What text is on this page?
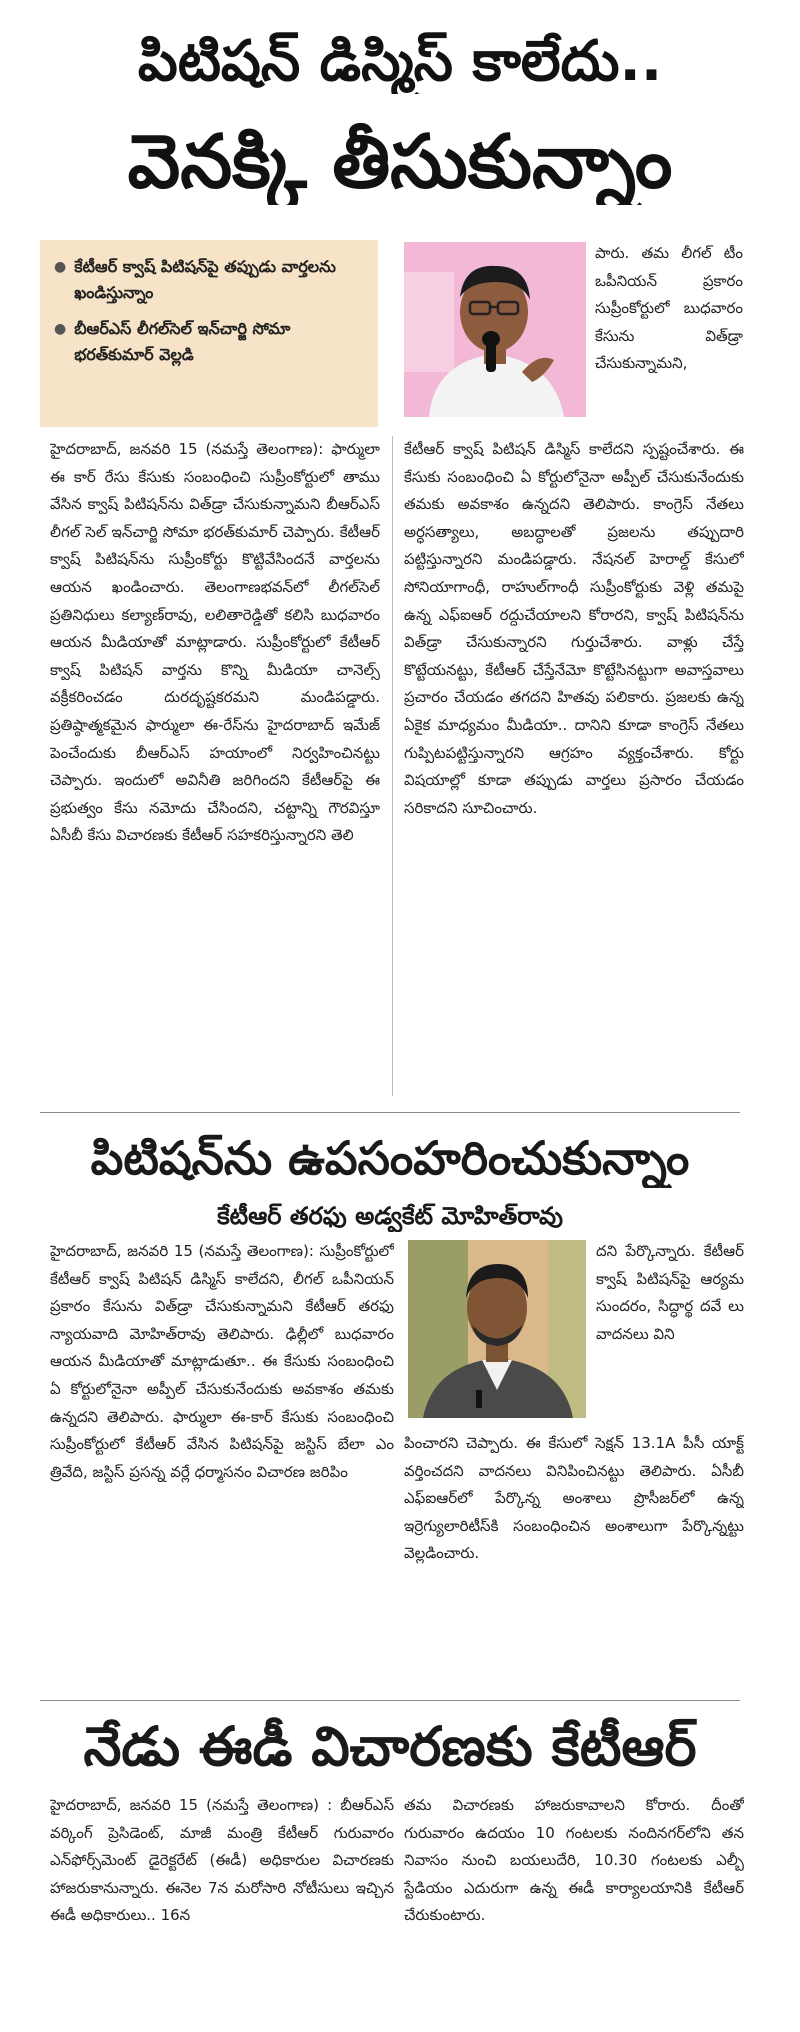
పిటిషన్ డిస్మిస్ కాలేదు..
వెనక్కి తీసుకున్నాం
● కేటీఆర్ క్వాష్ పిటిషన్‌పై తప్పుడు వార్తలను ఖండిస్తున్నాం
● బీఆర్ఎస్ లీగల్‌సెల్ ఇన్‌చార్జి సోమా భరత్‌కుమార్ వెల్లడి

హైదరాబాద్, జనవరి 15 (నమస్తే తెలంగాణ): ఫార్ములా ఈ కార్ రేసు కేసుకు సంబంధించి సుప్రీంకోర్టులో తాము వేసిన క్వాష్ పిటిషన్‌ను విత్‌డ్రా చేసుకున్నామని బీఆర్ఎస్ లీగల్ సెల్ ఇన్‌చార్జి సోమా భరత్‌కుమార్ చెప్పారు. కేటీఆర్ క్వాష్ పిటిషన్‌ను సుప్రీంకోర్టు కొట్టివేసిందనే వార్తలను ఆయన ఖండించారు. తెలంగాణభవన్‌లో లీగల్‌సెల్ ప్రతినిధులు కల్యాణ్‌రావు, లలితారెడ్డితో కలిసి బుధవారం ఆయన మీడియాతో మాట్లాడారు. సుప్రీంకోర్టులో కేటీఆర్ క్వాష్ పిటిషన్ వార్తను కొన్ని మీడియా చానెల్స్ వక్రీకరించడం దురదృష్టకరమని మండిపడ్డారు. ప్రతిష్ఠాత్మకమైన ఫార్ములా ఈ-రేస్‌ను హైదరాబాద్ ఇమేజ్ పెంచేందుకు బీఆర్ఎస్ హయాంలో నిర్వహించినట్టు చెప్పారు. ఇందులో అవినీతి జరిగిందని కేటీఆర్‌పై ఈ ప్రభుత్వం కేసు నమోదు చేసిందని, చట్టాన్ని గౌరవిస్తూ ఏసీబీ కేసు విచారణకు కేటీఆర్ సహకరిస్తున్నారని తెలి

పారు. తమ లీగల్ టీం ఒపీనియన్ ప్రకారం సుప్రీంకోర్టులో బుధవారం కేసును విత్‌డ్రా చేసుకున్నామని,

కేటీఆర్ క్వాష్ పిటిషన్ డిస్మిస్ కాలేదని స్పష్టంచేశారు. ఈ కేసుకు సంబంధించి ఏ కోర్టులోనైనా అప్పీల్ చేసుకునేందుకు తమకు అవకాశం ఉన్నదని తెలిపారు. కాంగ్రెస్ నేతలు అర్ధసత్యాలు, అబద్ధాలతో ప్రజలను తప్పుదారి పట్టిస్తున్నారని మండిపడ్డారు. నేషనల్ హెరాల్డ్ కేసులో సోనియాగాంధీ, రాహుల్‌గాంధీ సుప్రీంకోర్టుకు వెళ్లి తమపై ఉన్న ఎఫ్ఐఆర్ రద్దుచేయాలని కోరారని, క్వాష్ పిటిషన్‌ను విత్‌డ్రా చేసుకున్నారని గుర్తుచేశారు. వాళ్లు చేస్తే కొట్టేయనట్టు, కేటీఆర్ చేస్తేనేమో కొట్టేసినట్టుగా అవాస్తవాలు ప్రచారం చేయడం తగదని హితవు పలికారు. ప్రజలకు ఉన్న ఏకైక మాధ్యమం మీడియా.. దానిని కూడా కాంగ్రెస్ నేతలు గుప్పిటపట్టిస్తున్నారని ఆగ్రహం వ్యక్తంచేశారు. కోర్టు విషయాల్లో కూడా తప్పుడు వార్తలు ప్రసారం చేయడం సరికాదని సూచించారు.

పిటిషన్‌ను ఉపసంహరించుకున్నాం
కేటీఆర్ తరఫు అడ్వకేట్ మోహిత్‌రావు

హైదరాబాద్, జనవరి 15 (నమస్తే తెలంగాణ): సుప్రీంకోర్టులో కేటీఆర్ క్వాష్ పిటిషన్ డిస్మిస్ కాలేదని, లీగల్ ఒపీనియన్ ప్రకారం కేసును విత్‌డ్రా చేసుకున్నామని కేటీఆర్ తరఫు న్యాయవాది మోహిత్‌రావు తెలిపారు. ఢిల్లీలో బుధవారం ఆయన మీడియాతో మాట్లాడుతూ.. ఈ కేసుకు సంబంధించి ఏ కోర్టులోనైనా అప్పీల్ చేసుకునేందుకు అవకాశం తమకు ఉన్నదని తెలిపారు. ఫార్ములా ఈ-కార్ కేసుకు సంబంధించి సుప్రీంకోర్టులో కేటీఆర్ వేసిన పిటిషన్‌పై జస్టిస్ బేలా ఎం త్రివేది, జస్టిస్ ప్రసన్న వర్లే ధర్మాసనం విచారణ జరిపిం

దని పేర్కొన్నారు. కేటీఆర్ క్వాష్ పిటిషన్‌పై ఆర్యమ సుందరం, సిద్ధార్థ దవే లు వాదనలు విని

పించారని చెప్పారు. ఈ కేసులో సెక్షన్ 13.1A పీసీ యాక్ట్ వర్తించదని వాదనలు వినిపించినట్టు తెలిపారు. ఏసీబీ ఎఫ్ఐఆర్‌లో పేర్కొన్న అంశాలు ప్రొసీజర్‌లో ఉన్న ఇర్రెగ్యులారిటీస్‌కి సంబంధించిన అంశాలుగా పేర్కొన్నట్టు వెల్లడించారు.

నేడు ఈడీ విచారణకు కేటీఆర్

హైదరాబాద్, జనవరి 15 (నమస్తే తెలంగాణ) : బీఆర్ఎస్ వర్కింగ్ ప్రెసిడెంట్, మాజీ మంత్రి కేటీఆర్ గురువారం ఎన్‌ఫోర్స్‌మెంట్ డైరెక్టరేట్ (ఈడీ) అధికారుల విచారణకు హాజరుకానున్నారు. ఈనెల 7న మరోసారి నోటీసులు ఇచ్చిన ఈడీ అధికారులు.. 16న

తమ విచారణకు హాజరుకావాలని కోరారు. దీంతో గురువారం ఉదయం 10 గంటలకు నందినగర్‌లోని తన నివాసం నుంచి బయలుదేరి, 10.30 గంటలకు ఎల్బీ స్టేడియం ఎదురుగా ఉన్న ఈడీ కార్యాలయానికి కేటీఆర్ చేరుకుంటారు.
